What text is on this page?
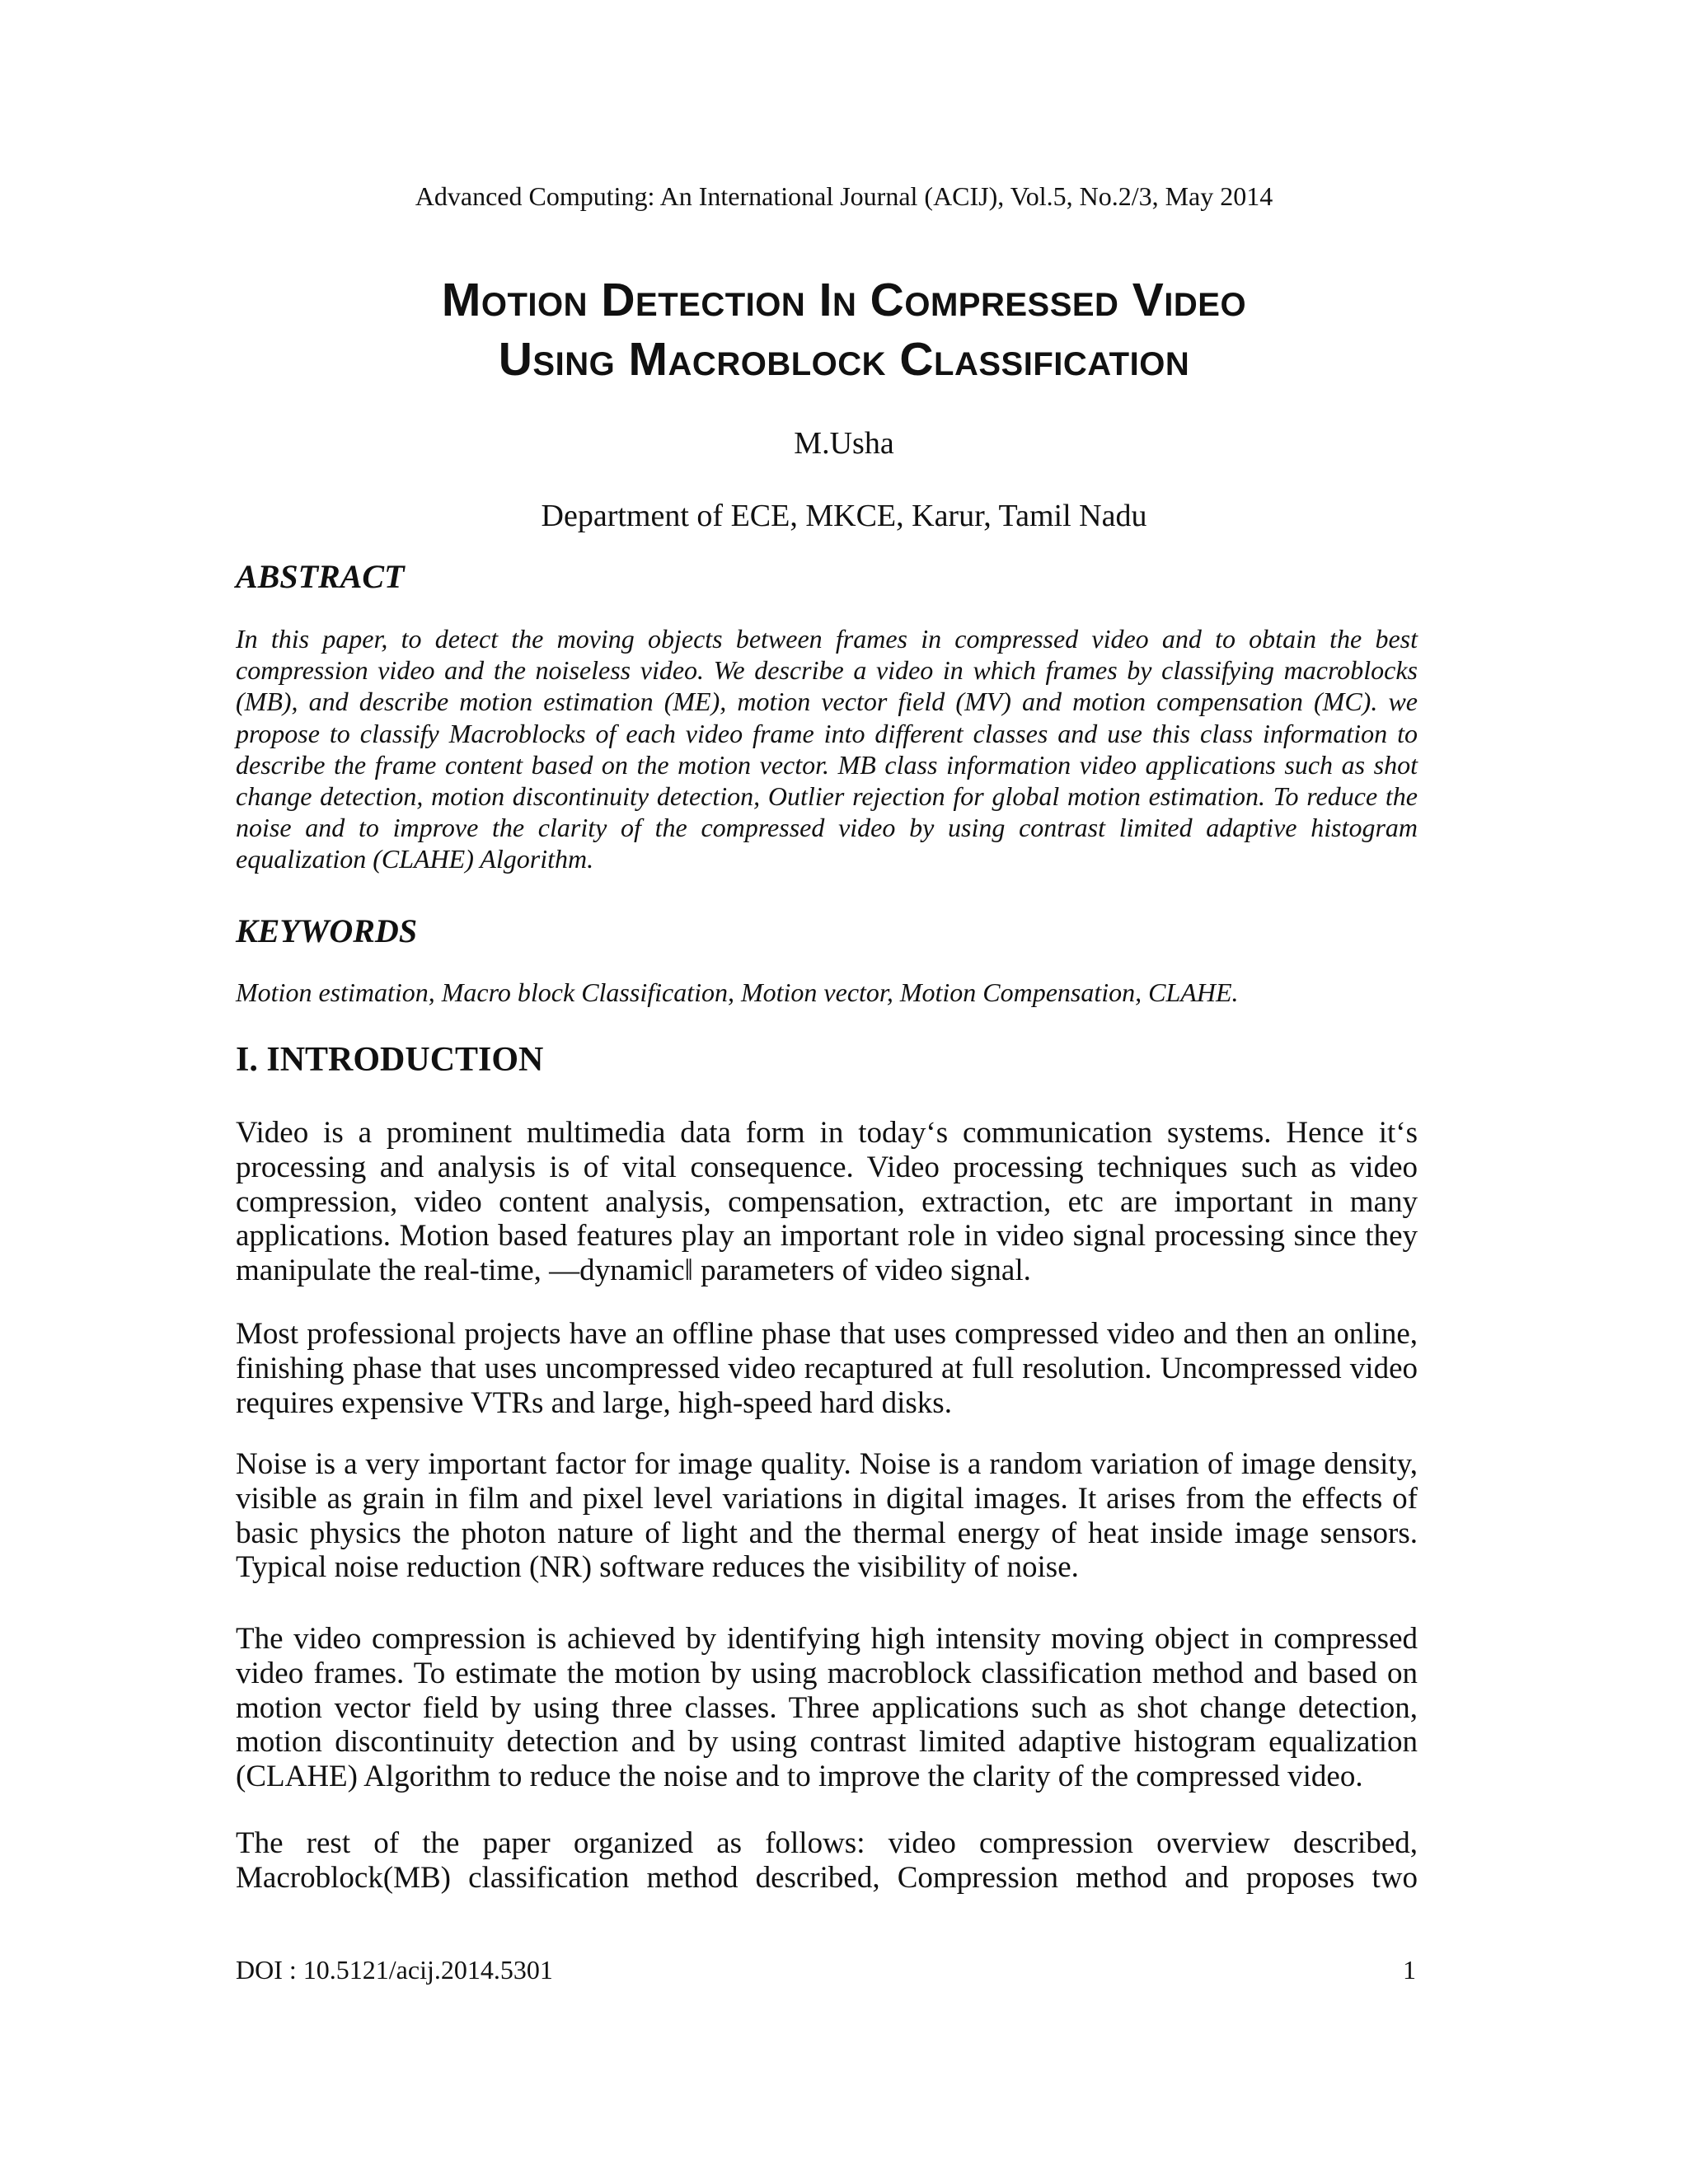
Advanced Computing: An International Journal (ACIJ), Vol.5, No.2/3, May 2014
Motion Detection In Compressed Video
Using Macroblock Classification
M.Usha
Department of ECE, MKCE, Karur, Tamil Nadu
ABSTRACT
In this paper, to detect the moving objects between frames in compressed video and to obtain the best compression video and the noiseless video. We describe a video in which frames by classifying macroblocks (MB), and describe motion estimation (ME), motion vector field (MV) and motion compensation (MC). we propose to classify Macroblocks of each video frame into different classes and use this class information to describe the frame content based on the motion vector. MB class information video applications such as shot change detection, motion discontinuity detection, Outlier rejection for global motion estimation. To reduce the noise and to improve the clarity of the compressed video by using contrast limited adaptive histogram equalization (CLAHE) Algorithm.
KEYWORDS
Motion estimation, Macro block Classification, Motion vector, Motion Compensation, CLAHE.
I. INTRODUCTION

Video is a prominent multimedia data form in today‘s communication systems. Hence it‘s processing and analysis is of vital consequence. Video processing techniques such as video compression, video content analysis, compensation, extraction, etc are important in many applications. Motion based features play an important role in video signal processing since they manipulate the real-time, ―dynamic‖ parameters of video signal.

Most professional projects have an offline phase that uses compressed video and then an online, finishing phase that uses uncompressed video recaptured at full resolution. Uncompressed video requires expensive VTRs and large, high-speed hard disks.

Noise is a very important factor for image quality. Noise is a random variation of image density, visible as grain in film and pixel level variations in digital images. It arises from the effects of basic physics the photon nature of light and the thermal energy of heat inside image sensors. Typical noise reduction (NR) software reduces the visibility of noise.

The video compression is achieved by identifying high intensity moving object in compressed video frames. To estimate the motion by using macroblock classification method and based on motion vector field by using three classes. Three applications such as shot change detection, motion discontinuity detection and by using contrast limited adaptive histogram equalization (CLAHE) Algorithm to reduce the noise and to improve the clarity of the compressed video.

The rest of the paper organized as follows: video compression overview described, Macroblock(MB) classification method described, Compression method and proposes two

DOI : 10.5121/acij.2014.5301	1
